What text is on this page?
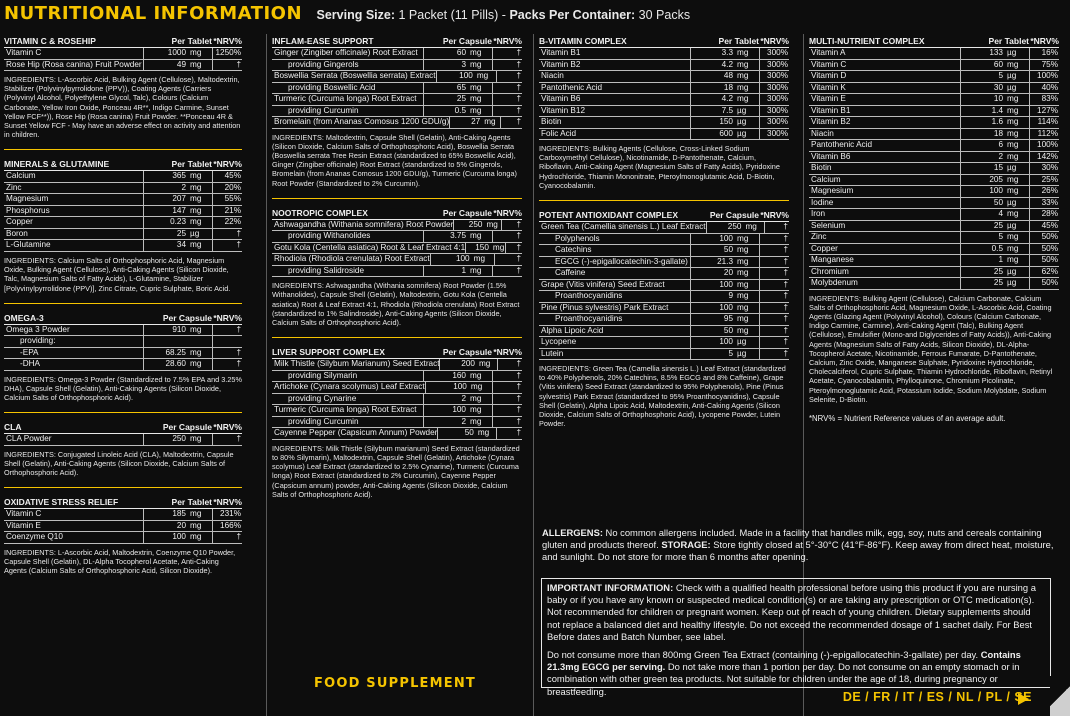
NUTRITIONAL INFORMATION Serving Size: 1 Packet (11 Pills) - Packs Per Container: 30 Packs
VITAMIN C & ROSEHIP	Per Tablet *NRV%
Vitamin C	1000 mg	1250%
Rose Hip (Rosa canina) Fruit Powder	49 mg	†
INGREDIENTS: L-Ascorbic Acid, Bulking Agent (Cellulose), Maltodextrin, Stabilizer (Polyvinylpyrrolidone (PPV)), Coating Agents (Carriers (Polyvinyl Alcohol, Polyethylene Glycol, Talc), Colours (Calcium Carbonate, Yellow Iron Oxide, Ponceau 4R**, Indigo Carmine, Sunset Yellow FCF**)), Rose Hip (Rosa canina) Fruit Powder. **Ponceau 4R & Sunset Yellow FCF - May have an adverse effect on activity and attention in children.
MINERALS & GLUTAMINE	Per Tablet *NRV%
Calcium	365 mg	45%
Zinc	2 mg	20%
Magnesium	207 mg	55%
Phosphorus	147 mg	21%
Copper	0.23 mg	22%
Boron	25 µg	†
L-Glutamine	34 mg	†
INGREDIENTS: Calcium Salts of Orthophosphoric Acid, Magnesium Oxide, Bulking Agent (Cellulose), Anti-Caking Agents (Silicon Dioxide, Talc, Magnesium Salts of Fatty Acids), L-Glutamine, Stabilizer [Polyvinylpyrrolidone (PPV)], Zinc Citrate, Cupric Sulphate, Boric Acid.
OMEGA-3	Per Capsule *NRV%
Omega 3 Powder	910 mg	†
providing:
-EPA	68.25 mg	†
-DHA	28.60 mg	†
INGREDIENTS: Omega-3 Powder (Standardized to 7.5% EPA and 3.25% DHA), Capsule Shell (Gelatin), Anti-Caking Agents (Silicon Dioxide, Calcium Salts of Orthophosphoric Acid).
CLA	Per Capsule *NRV%
CLA Powder	250 mg	†
INGREDIENTS: Conjugated Linoleic Acid (CLA), Maltodextrin, Capsule Shell (Gelatin), Anti-Caking Agents (Silicon Dioxide, Calcium Salts of Orthophosphoric Acid).
OXIDATIVE STRESS RELIEF	Per Tablet *NRV%
Vitamin C	185 mg	231%
Vitamin E	20 mg	166%
Coenzyme Q10	100 mg	†
INGREDIENTS: L-Ascorbic Acid, Maltodextrin, Coenzyme Q10 Powder, Capsule Shell (Gelatin), DL-Alpha Tocopherol Acetate, Anti-Caking Agents (Calcium Salts of Orthophosphoric Acid, Silicon Dioxide).
INFLAM-EASE SUPPORT	Per Capsule *NRV%
Ginger (Zingiber officinale) Root Extract	60 mg	†
providing Gingerols	3 mg	†
Boswellia Serrata (Boswellia serrata) Extract	100 mg	†
providing Boswellic Acid	65 mg	†
Turmeric (Curcuma longa) Root Extract	25 mg	†
providing Curcumin	0.5 mg	†
Bromelain (from Ananas Comosus 1200 GDU/g)	27 mg	†
INGREDIENTS: Maltodextrin, Capsule Shell (Gelatin), Anti-Caking Agents (Silicon Dioxide, Calcium Salts of Orthophosphoric Acid), Boswellia Serrata (Boswellia serrata Tree Resin Extract (standardized to 65% Boswellic Acid), Ginger (Zingiber officinale) Root Extract (standardized to 5% Gingerols, Bromelain (from Ananas Comosus 1200 GDU/g), Turmeric (Curcuma longa) Root Powder (Standardized to 2% Curcumin).
NOOTROPIC COMPLEX	Per Capsule *NRV%
Ashwagandha (Withania somnifera) Root Powder	250 mg	†
providing Withanolides	3.75 mg	†
Gotu Kola (Centella asiatica) Root & Leaf Extract 4:1	150 mg	†
Rhodiola (Rhodiola crenulata) Root Extract	100 mg	†
providing Salidroside	1 mg	†
INGREDIENTS: Ashwagandha (Withania somnifera) Root Powder (1.5% Withanolides), Capsule Shell (Gelatin), Maltodextrin, Gotu Kola (Centella asiatica) Root & Leaf Extract 4:1, Rhodiola (Rhodiola crenulata) Root Extract (standardized to 1% Salindroside), Anti-Caking Agents (Silicon Dioxide, Calcium Salts of Orthophosphoric Acid).
LIVER SUPPORT COMPLEX	Per Capsule *NRV%
Milk Thistle (Silybum Marianum) Seed Extract	200 mg	†
providing Silymarin	160 mg	†
Artichoke (Cynara scolymus) Leaf Extract	100 mg	†
providing Cynarine	2 mg	†
Turmeric (Curcuma longa) Root Extract	100 mg	†
providing Curcumin	2 mg	†
Cayenne Pepper (Capsicum Annum) Powder	50 mg	†
INGREDIENTS: Milk Thistle (Silybum marianum) Seed Extract (standardized to 80% Silymarin), Maltodextrin, Capsule Shell (Gelatin), Artichoke (Cynara scolymus) Leaf Extract (standardized to 2.5% Cynarine), Turmeric (Curcuma longa) Root Extract (standardized to 2% Curcumin), Cayenne Pepper (Capsicum annum) powder, Anti-Caking Agents (Silicon Dioxide, Calcium Salts of Orthophosphoric Acid).
B-VITAMIN COMPLEX	Per Tablet *NRV%
Vitamin B1	3.3 mg	300%
Vitamin B2	4.2 mg	300%
Niacin	48 mg	300%
Pantothenic Acid	18 mg	300%
Vitamin B6	4.2 mg	300%
Vitamin B12	7.5 µg	300%
Biotin	150 µg	300%
Folic Acid	600 µg	300%
INGREDIENTS: Bulking Agents (Cellulose, Cross-Linked Sodium Carboxymethyl Cellulose), Nicotinamide, D-Pantothenate, Calcium, Riboflavin, Anti-Caking Agent (Magnesium Salts of Fatty Acids), Pyridoxine Hydrochloride, Thiamin Mononitrate, Pteroylmonoglutamic Acid, D-Biotin, Cyanocobalamin.
POTENT ANTIOXIDANT COMPLEX	Per Capsule *NRV%
Green Tea (Camellia sinensis L.) Leaf Extract	250 mg	†
Polyphenols	100 mg	†
Catechins	50 mg	†
EGCG (-)-epigallocatechin-3-gallate)	21.3 mg	†
Caffeine	20 mg	†
Grape (Vitis vinifera) Seed Extract	100 mg	†
Proanthocyanidins	9 mg	†
Pine (Pinus sylvestris) Park Extract	100 mg	†
Proanthocyanidins	95 mg	†
Alpha Lipoic Acid	50 mg	†
Lycopene	100 µg	†
Lutein	5 µg	†
INGREDIENTS: Green Tea (Camellia sinensis L.) Leaf Extract (standardized to 40% Polyphenols, 20% Catechins, 8.5% EGCG and 8% Caffeine), Grape (Vitis vinifera) Seed Extract (standardized to 95% Polyphenols), Pine (Pinus sylvestris) Park Extract (standardized to 95% Proanthocyanidins), Capsule Shell (Gelatin), Alpha Lipoic Acid, Maltodextrin, Anti-Caking Agents (Silicon Dioxide, Calcium Salts of Orthophosphoric Acid), Lycopene Powder, Lutein Powder.
MULTI-NUTRIENT COMPLEX	Per Tablet *NRV%
Vitamin A	133 µg	16%
Vitamin C	60 mg	75%
Vitamin D	5 µg	100%
Vitamin K	30 µg	40%
Vitamin E	10 mg	83%
Vitamin B1	1.4 mg	127%
Vitamin B2	1.6 mg	114%
Niacin	18 mg	112%
Pantothenic Acid	6 mg	100%
Vitamin B6	2 mg	142%
Biotin	15 µg	30%
Calcium	205 mg	25%
Magnesium	100 mg	26%
Iodine	50 µg	33%
Iron	4 mg	28%
Selenium	25 µg	45%
Zinc	5 mg	50%
Copper	0.5 mg	50%
Manganese	1 mg	50%
Chromium	25 µg	62%
Molybdenum	25 µg	50%
INGREDIENTS: Bulking Agent (Cellulose), Calcium Carbonate, Calcium Salts of Orthophosphoric Acid, Magnesium Oxide, L-Ascorbic Acid, Coating Agents (Glazing Agent (Polyvinyl Alcohol), Colours (Calcium Carbonate, Indigo Carmine, Carmine), Anti-Caking Agent (Talc), Bulking Agent (Cellulose), Emulsifier (Mono-and Diglycerides of Fatty Acids)), Anti-Caking Agents (Magnesium Salts of Fatty Acids, Silicon Dioxide), DL-Alpha-Tocopherol Acetate, Nicotinamide, Ferrous Fumarate, D-Pantothenate, Calcium, Zinc Oxide, Manganese Sulphate, Pyridoxine Hydrochloride, Cholecalciferol, Cupric Sulphate, Thiamin Hydrochloride, Riboflavin, Retinyl Acetate, Cyanocobalamin, Phylloquinone, Chromium Picolinate, Pteroylmonoglutamic Acid, Potassium Iodide, Sodium Molybdate, Sodium Selenite, D-Biotin.
*NRV% = Nutrient Reference values of an average adult.
ALLERGENS: No common allergens included. Made in a facility that handles milk, egg, soy, nuts and cereals containing gluten and products thereof. STORAGE: Store tightly closed at 5°-30°C (41°F-86°F). Keep away from direct heat, moisture, and sunlight. Do not store for more than 6 months after opening.

IMPORTANT INFORMATION: Check with a qualified health professional before using this product if you are nursing a baby or if you have any known or suspected medical condition(s) or are taking any prescription or OTC medication(s). Not recommended for children or pregnant women. Keep out of reach of young children. Dietary supplements should not replace a balanced diet and healthy lifestyle. Do not exceed the recommended dosage of 1 sachet daily. For Best Before dates and Batch Number, see label.

Do not consume more than 800mg Green Tea Extract (containing (-)-epigallocatechin-3-gallate) per day. Contains 21.3mg EGCG per serving. Do not take more than 1 portion per day. Do not consume on an empty stomach or in combination with other green tea products. Not suitable for children under the age of 18, during pregnancy or breastfeeding.

FOOD SUPPLEMENT
DE / FR / IT / ES / NL / PL / SE
